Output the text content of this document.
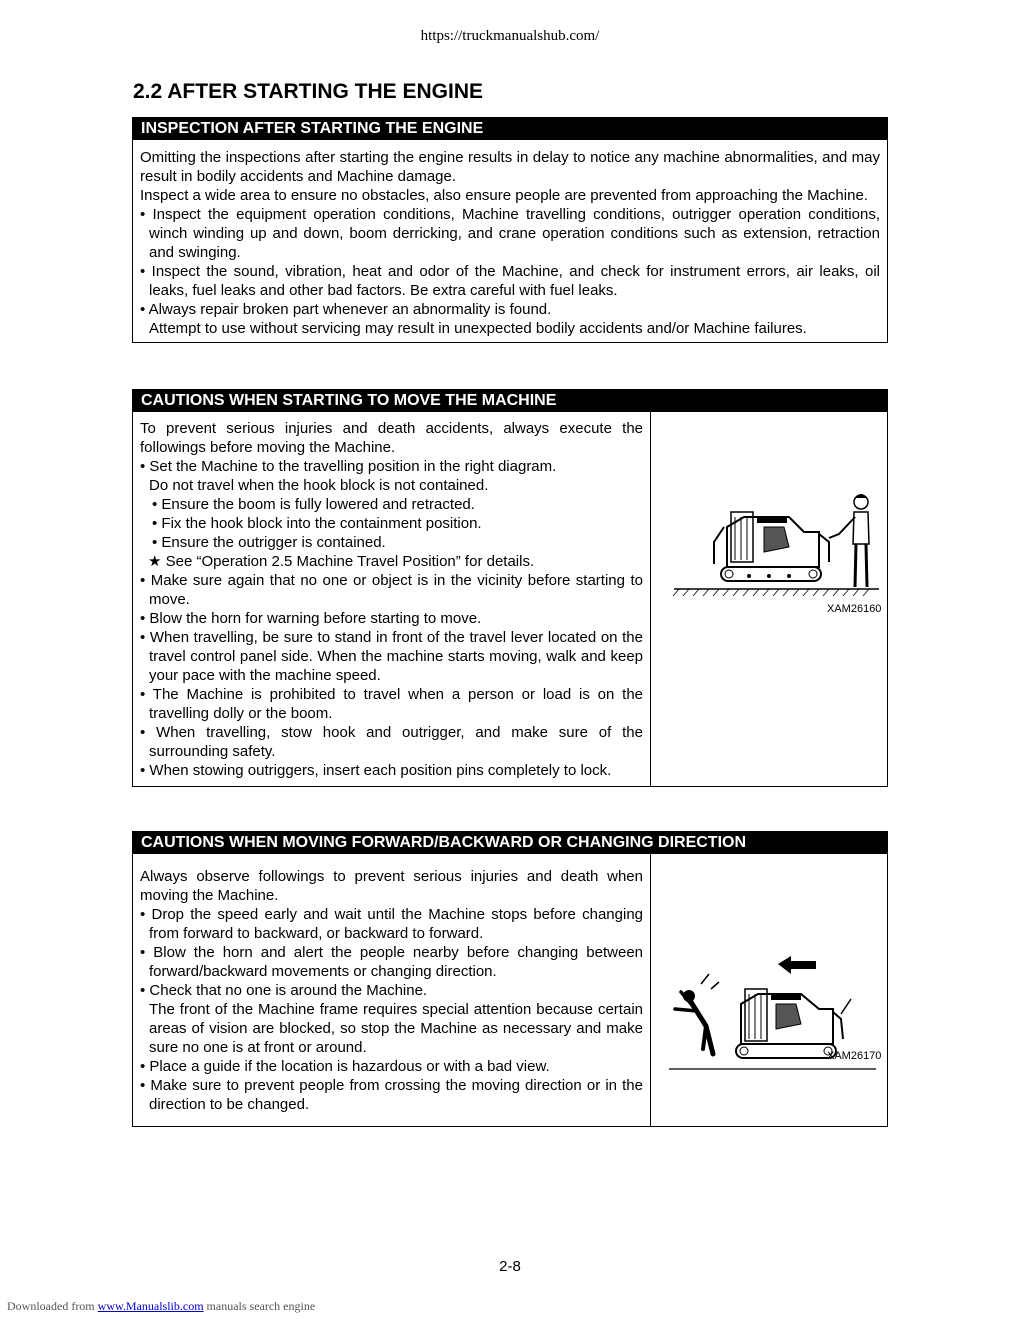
https://truckmanualshub.com/
2.2 AFTER STARTING THE ENGINE
INSPECTION AFTER STARTING THE ENGINE

Omitting the inspections after starting the engine results in delay to notice any machine abnormalities, and may result in bodily accidents and Machine damage.

Inspect a wide area to ensure no obstacles, also ensure people are prevented from approaching the Machine.

• Inspect the equipment operation conditions, Machine travelling conditions, outrigger operation conditions, winch winding up and down, boom derricking, and crane operation conditions such as extension, retraction and swinging.

• Inspect the sound, vibration, heat and odor of the Machine, and check for instrument errors, air leaks, oil leaks, fuel leaks and other bad factors. Be extra careful with fuel leaks.

• Always repair broken part whenever an abnormality is found.

Attempt to use without servicing may result in unexpected bodily accidents and/or Machine failures.

CAUTIONS WHEN STARTING TO MOVE THE MACHINE

To prevent serious injuries and death accidents, always execute the followings before moving the Machine.

• Set the Machine to the travelling position in the right diagram.

Do not travel when the hook block is not contained.

• Ensure the boom is fully lowered and retracted.

• Fix the hook block into the containment position.

• Ensure the outrigger is contained.

★ See “Operation 2.5 Machine Travel Position” for details.

• Make sure again that no one or object is in the vicinity before starting to move.

• Blow the horn for warning before starting to move.

• When travelling, be sure to stand in front of the travel lever located on the travel control panel side. When the machine starts moving, walk and keep your pace with the machine speed.

• The Machine is prohibited to travel when a person or load is on the travelling dolly or the boom.

• When travelling, stow hook and outrigger, and make sure of the surrounding safety.

• When stowing outriggers, insert each position pins completely to lock.

XAM26160
CAUTIONS WHEN MOVING FORWARD/BACKWARD OR CHANGING DIRECTION

Always observe followings to prevent serious injuries and death when moving the Machine.

• Drop the speed early and wait until the Machine stops before changing from forward to backward, or backward to forward.

• Blow the horn and alert the people nearby before changing between forward/backward movements or changing direction.

• Check that no one is around the Machine.

The front of the Machine frame requires special attention because certain areas of vision are blocked, so stop the Machine as necessary and make sure no one is at front or around.

• Place a guide if the location is hazardous or with a bad view.

• Make sure to prevent people from crossing the moving direction or in the direction to be changed.

XAM26170
2-8
Downloaded from www.Manualslib.com manuals search engine
